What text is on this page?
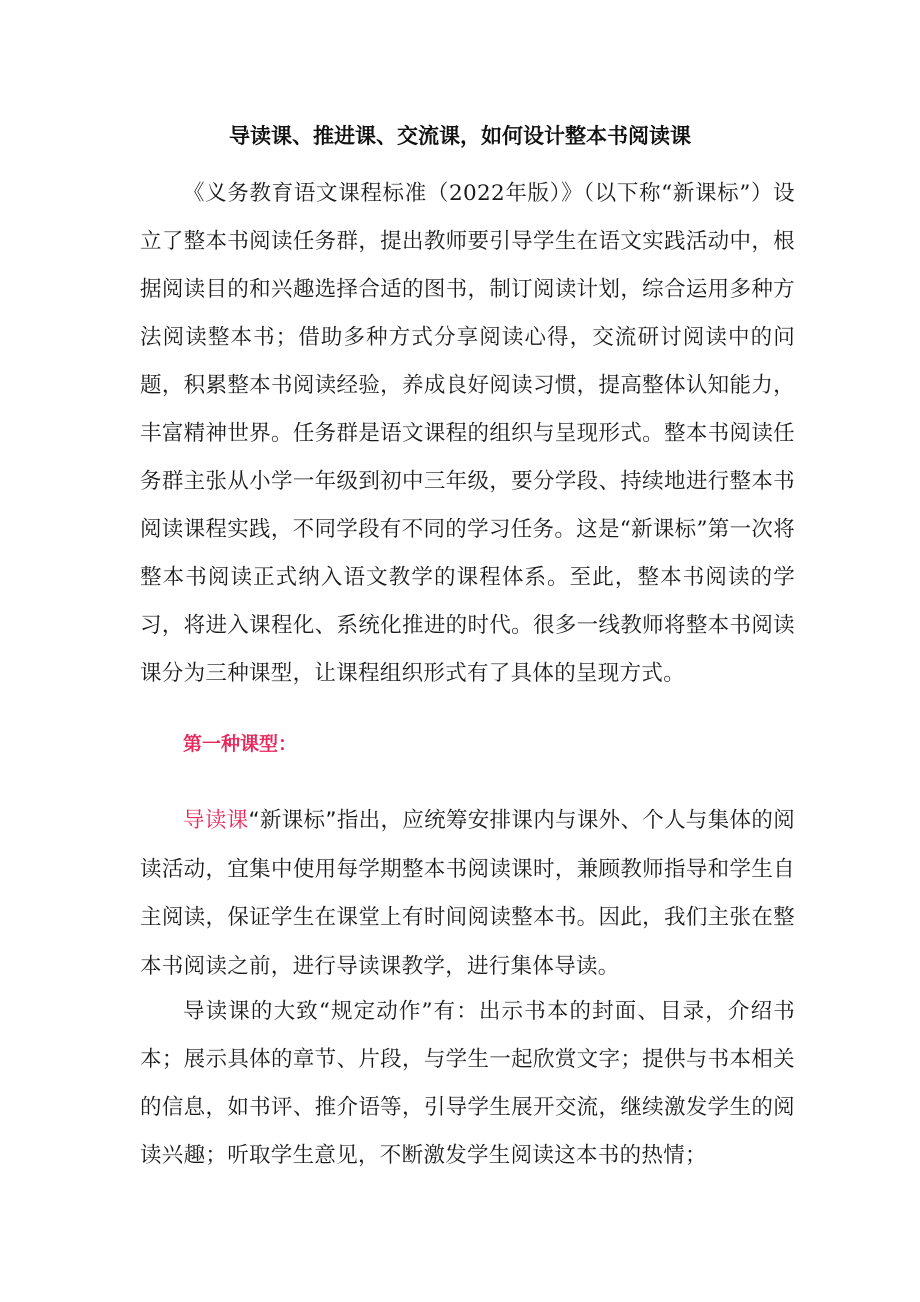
导读课、推进课、交流课，如何设计整本书阅读课

《义务教育语文课程标准（2022年版）》（以下称“新课标”）设立了整本书阅读任务群，提出教师要引导学生在语文实践活动中，根据阅读目的和兴趣选择合适的图书，制订阅读计划，综合运用多种方法阅读整本书；借助多种方式分享阅读心得，交流研讨阅读中的问题，积累整本书阅读经验，养成良好阅读习惯，提高整体认知能力，丰富精神世界。任务群是语文课程的组织与呈现形式。整本书阅读任务群主张从小学一年级到初中三年级，要分学段、持续地进行整本书阅读课程实践，不同学段有不同的学习任务。这是“新课标”第一次将整本书阅读正式纳入语文教学的课程体系。至此，整本书阅读的学习，将进入课程化、系统化推进的时代。很多一线教师将整本书阅读课分为三种课型，让课程组织形式有了具体的呈现方式。

第一种课型：

导读课“新课标”指出，应统筹安排课内与课外、个人与集体的阅读活动，宜集中使用每学期整本书阅读课时，兼顾教师指导和学生自主阅读，保证学生在课堂上有时间阅读整本书。因此，我们主张在整本书阅读之前，进行导读课教学，进行集体导读。

导读课的大致“规定动作”有：出示书本的封面、目录，介绍书本；展示具体的章节、片段，与学生一起欣赏文字；提供与书本相关的信息，如书评、推介语等，引导学生展开交流，继续激发学生的阅读兴趣；听取学生意见，不断激发学生阅读这本书的热情；
